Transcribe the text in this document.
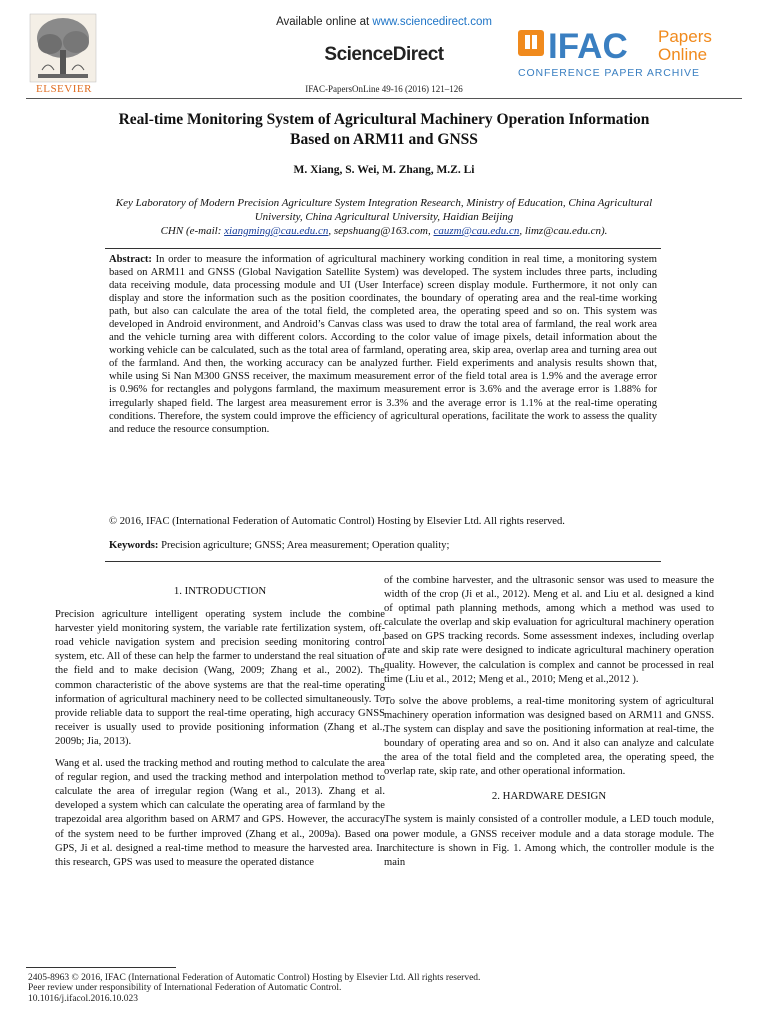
ELSEVIER
Available online at www.sciencedirect.com
ScienceDirect
IFAC-PapersOnLine 49-16 (2016) 121–126
IFAC Papers
Online
CONFERENCE PAPER ARCHIVE
Real-time Monitoring System of Agricultural Machinery Operation Information
Based on ARM11 and GNSS
M. Xiang, S. Wei, M. Zhang, M.Z. Li
Key Laboratory of Modern Precision Agriculture System Integration Research, Ministry of Education, China Agricultural
University, China Agricultural University, Haidian Beijing
CHN (e-mail: xiangming@cau.edu.cn, sepshuang@163.com, cauzm@cau.edu.cn, limz@cau.edu.cn).
Abstract: In order to measure the information of agricultural machinery working condition in real time, a monitoring system based on ARM11 and GNSS (Global Navigation Satellite System) was developed. The system includes three parts, including data receiving module, data processing module and UI (User Interface) screen display module. Furthermore, it not only can display and store the information such as the position coordinates, the boundary of operating area and the real-time working path, but also can calculate the area of the total field, the completed area, the operating speed and so on. This system was developed in Android environment, and Android’s Canvas class was used to draw the total area of farmland, the real work area and the vehicle turning area with different colors. According to the color value of image pixels, detail information about the working vehicle can be calculated, such as the total area of farmland, operating area, skip area, overlap area and turning area out of the farmland. And then, the working accuracy can be analyzed further. Field experiments and analysis results shown that, while using Si Nan M300 GNSS receiver, the maximum measurement error of the field total area is 1.9% and the average error is 0.96% for rectangles and polygons farmland, the maximum measurement error is 3.6% and the average error is 1.88% for irregularly shaped field. The largest area measurement error is 3.3% and the average error is 1.1% at the real-time operating conditions. Therefore, the system could improve the efficiency of agricultural operations, facilitate the work to assess the quality and reduce the resource consumption.
© 2016, IFAC (International Federation of Automatic Control) Hosting by Elsevier Ltd. All rights reserved.
Keywords: Precision agriculture; GNSS; Area measurement; Operation quality;
1. INTRODUCTION

Precision agriculture intelligent operating system include the combine harvester yield monitoring system, the variable rate fertilization system, off-road vehicle navigation system and precision seeding monitoring control system, etc. All of these can help the farmer to understand the real situation of the field and to make decision (Wang, 2009; Zhang et al., 2002). The common characteristic of the above systems are that the real-time operating information of agricultural machinery need to be collected simultaneously. To provide reliable data to support the real-time operating, high accuracy GNSS receiver is usually used to provide positioning information (Zhang et al., 2009b; Jia, 2013).

Wang et al. used the tracking method and routing method to calculate the area of regular region, and used the tracking method and interpolation method to calculate the area of irregular region (Wang et al., 2013). Zhang et al. developed a system which can calculate the operating area of farmland by the trapezoidal area algorithm based on ARM7 and GPS. However, the accuracy of the system need to be further improved (Zhang et al., 2009a). Based on GPS, Ji et al. designed a real-time method to measure the harvested area. In this research, GPS was used to measure the operated distance

of the combine harvester, and the ultrasonic sensor was used to measure the width of the crop (Ji et al., 2012). Meng et al. and Liu et al. designed a kind of optimal path planning methods, among which a method was used to calculate the overlap and skip evaluation for agricultural machinery operation based on GPS tracking records. Some assessment indexes, including overlap rate and skip rate were designed to indicate agricultural machinery operation quality. However, the calculation is complex and cannot be processed in real time (Liu et al., 2012; Meng et al., 2010; Meng et al.,2012 ).

To solve the above problems, a real-time monitoring system of agricultural machinery operation information was designed based on ARM11 and GNSS. The system can display and save the positioning information at real-time, the boundary of operating area and so on. And it also can analyze and calculate the area of the total field and the completed area, the operating speed, the overlap rate, skip rate, and other operational information.

2. HARDWARE DESIGN

The system is mainly consisted of a controller module, a LED touch module, a power module, a GNSS receiver module and a data storage module. The architecture is shown in Fig. 1. Among which, the controller module is the main

2405-8963 © 2016, IFAC (International Federation of Automatic Control) Hosting by Elsevier Ltd. All rights reserved.
Peer review under responsibility of International Federation of Automatic Control.
10.1016/j.ifacol.2016.10.023
